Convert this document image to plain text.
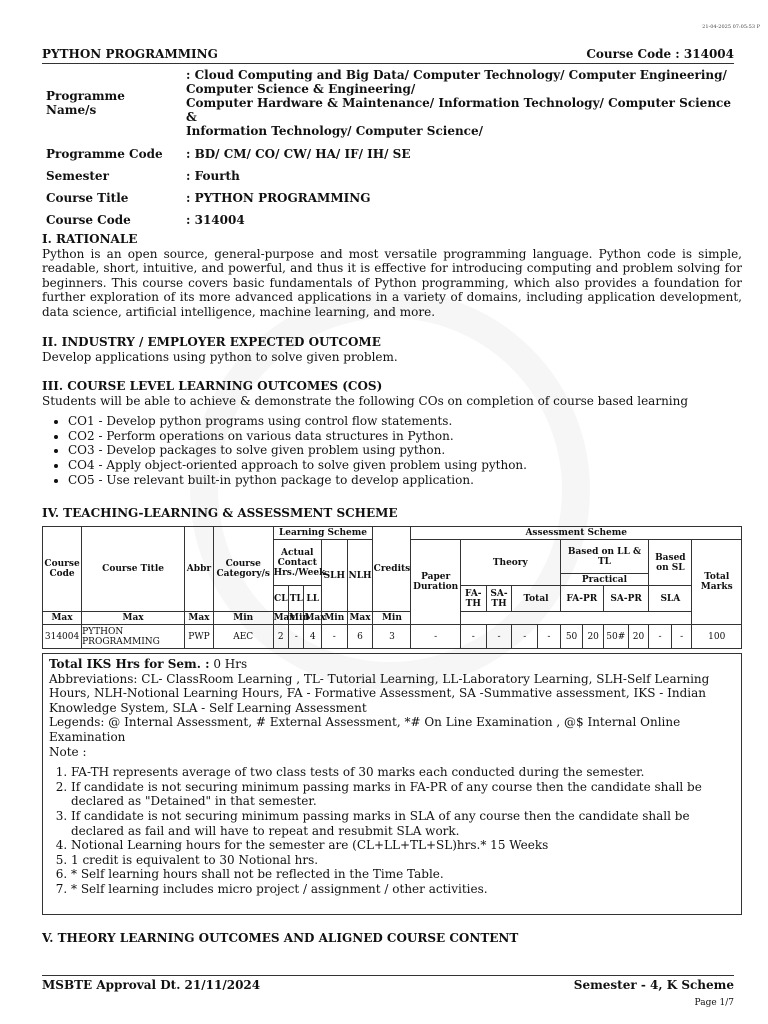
21-04-2025 07:05:53 P
PYTHON PROGRAMMING	Course Code : 314004
Programme Name/s	: Cloud Computing and Big Data/ Computer Technology/ Computer Engineering/
Computer Science & Engineering/
Computer Hardware & Maintenance/ Information Technology/ Computer Science &
Information Technology/ Computer Science/

Programme Code	: BD/ CM/ CO/ CW/ HA/ IF/ IH/ SE
Semester	: Fourth
Course Title	: PYTHON PROGRAMMING
Course Code	: 314004
I. RATIONALE
Python is an open source, general-purpose and most versatile programming language. Python code is simple, readable, short, intuitive, and powerful, and thus it is effective for introducing computing and problem solving for beginners. This course covers basic fundamentals of Python programming, which also provides a foundation for further exploration of its more advanced applications in a variety of domains, including application development, data science, artificial intelligence, machine learning, and more.
II. INDUSTRY / EMPLOYER EXPECTED OUTCOME
Develop applications using python to solve given problem.
III. COURSE LEVEL LEARNING OUTCOMES (COS)
Students will be able to achieve & demonstrate the following COs on completion of course based learning
• CO1 - Develop python programs using control flow statements.
• CO2 - Perform operations on various data structures in Python.
• CO3 - Develop packages to solve given problem using python.
• CO4 - Apply object-oriented approach to solve given problem using python.
• CO5 - Use relevant built-in python package to develop application.
IV. TEACHING-LEARNING & ASSESSMENT SCHEME
Course Code	Course Title	Abbr	Course Category/s	Learning Scheme					Credits	Assessment Scheme											
				Actual Contact Hrs./Week			SLH	NLH		Paper Duration	Theory				Based on LL & TL				Based on SL		Total Marks
															Practical						
				CL	TL	LL					FA-TH	SA-TH	Total		FA-PR		SA-PR		SLA		
Max	Max	Max	Min	Max	Min	Max	Min	Max	Min												
314004	PYTHON PROGRAMMING	PWP	AEC	2	-	4	-	6	3	-	-	-	-	-	50	20	50#	20	-	-	100
Total IKS Hrs for Sem. : 0 Hrs
Abbreviations: CL- ClassRoom Learning , TL- Tutorial Learning, LL-Laboratory Learning, SLH-Self Learning Hours, NLH-Notional Learning Hours, FA - Formative Assessment, SA -Summative assessment, IKS - Indian Knowledge System, SLA - Self Learning Assessment
Legends: @ Internal Assessment, # External Assessment, *# On Line Examination , @$ Internal Online Examination
Note :
1. FA-TH represents average of two class tests of 30 marks each conducted during the semester.
2. If candidate is not securing minimum passing marks in FA-PR of any course then the candidate shall be declared as "Detained" in that semester.
3. If candidate is not securing minimum passing marks in SLA of any course then the candidate shall be declared as fail and will have to repeat and resubmit SLA work.
4. Notional Learning hours for the semester are (CL+LL+TL+SL)hrs.* 15 Weeks
5. 1 credit is equivalent to 30 Notional hrs.
6. * Self learning hours shall not be reflected in the Time Table.
7. * Self learning includes micro project / assignment / other activities.
V. THEORY LEARNING OUTCOMES AND ALIGNED COURSE CONTENT
MSBTE Approval Dt. 21/11/2024	Semester - 4, K Scheme
Page 1/7
